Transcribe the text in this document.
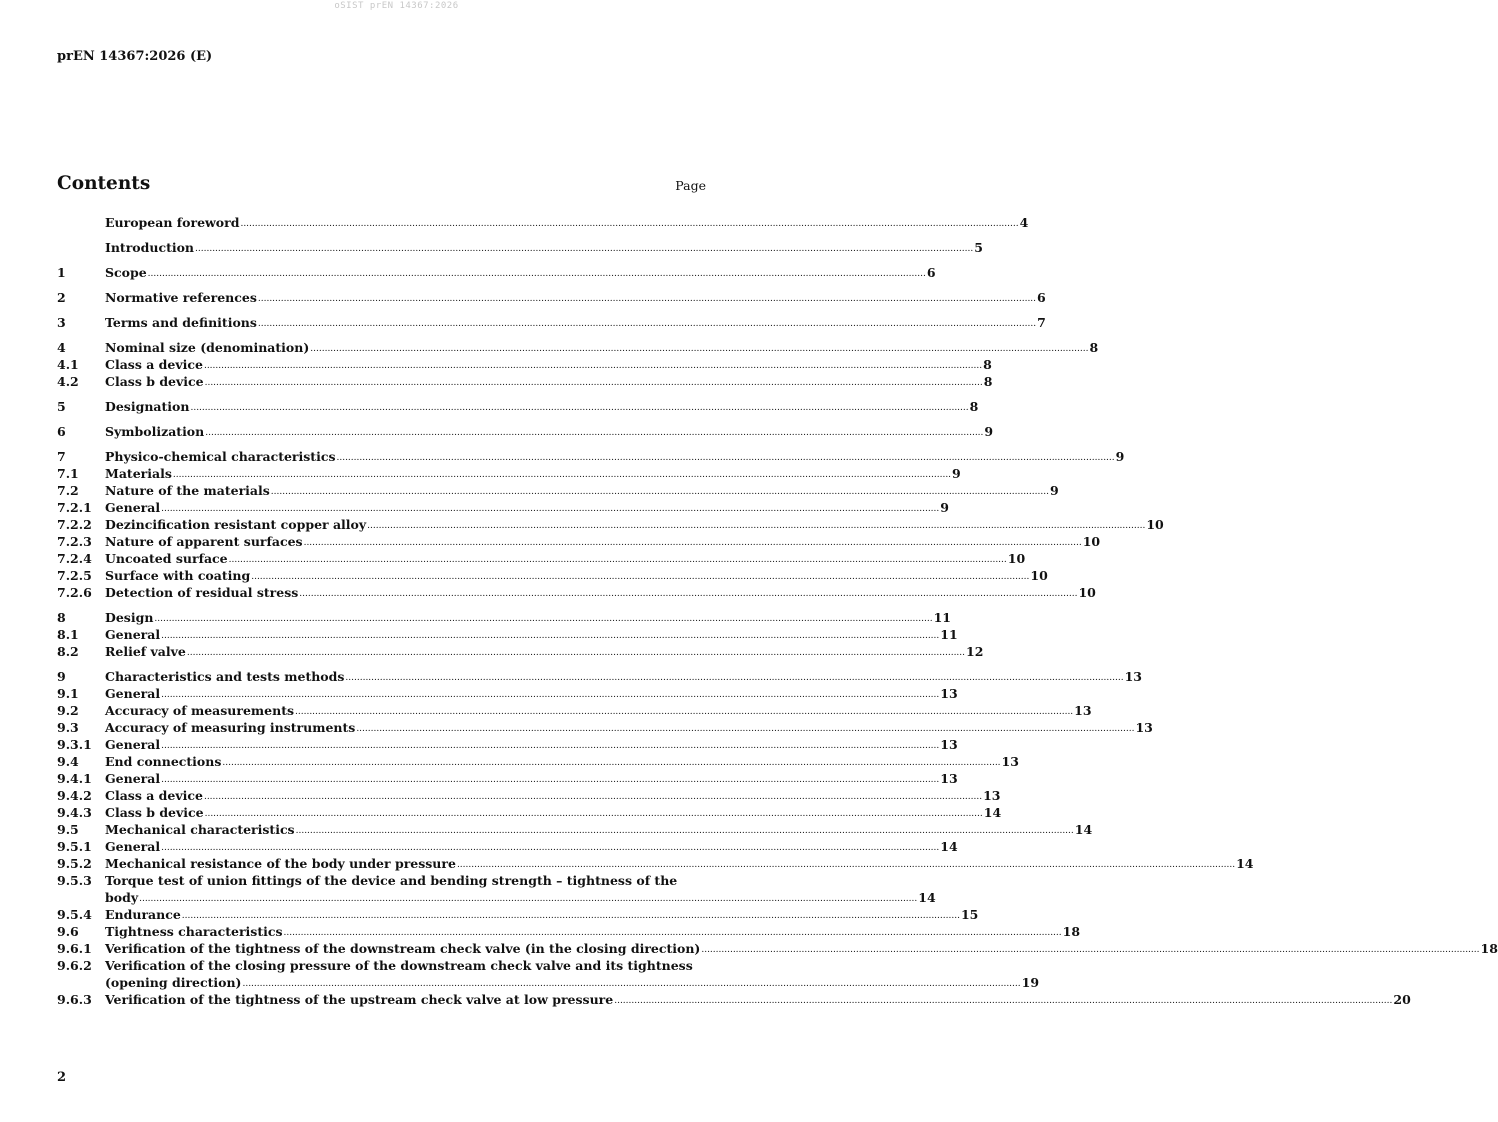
oSIST prEN 14367:2026
prEN 14367:2026 (E)
Contents	Page
European foreword ................................................................................................................................................................................................................................................................................ 4
Introduction ................................................................................................................................................................................................................................................................................ 5
1	Scope ................................................................................................................................................................................................................................................................................ 6
2	Normative references ................................................................................................................................................................................................................................................................................ 6
3	Terms and definitions ................................................................................................................................................................................................................................................................................ 7
4	Nominal size (denomination) ................................................................................................................................................................................................................................................................................ 8
4.1	Class a device ................................................................................................................................................................................................................................................................................ 8
4.2	Class b device ................................................................................................................................................................................................................................................................................ 8
5	Designation ................................................................................................................................................................................................................................................................................ 8
6	Symbolization ................................................................................................................................................................................................................................................................................ 9
7	Physico-chemical characteristics ................................................................................................................................................................................................................................................................................ 9
7.1	Materials ................................................................................................................................................................................................................................................................................ 9
7.2	Nature of the materials ................................................................................................................................................................................................................................................................................ 9
7.2.1	General ................................................................................................................................................................................................................................................................................ 9
7.2.2	Dezincification resistant copper alloy ................................................................................................................................................................................................................................................................................ 10
7.2.3	Nature of apparent surfaces ................................................................................................................................................................................................................................................................................ 10
7.2.4	Uncoated surface ................................................................................................................................................................................................................................................................................ 10
7.2.5	Surface with coating ................................................................................................................................................................................................................................................................................ 10
7.2.6	Detection of residual stress ................................................................................................................................................................................................................................................................................ 10
8	Design ................................................................................................................................................................................................................................................................................ 11
8.1	General ................................................................................................................................................................................................................................................................................ 11
8.2	Relief valve ................................................................................................................................................................................................................................................................................ 12
9	Characteristics and tests methods ................................................................................................................................................................................................................................................................................ 13
9.1	General ................................................................................................................................................................................................................................................................................ 13
9.2	Accuracy of measurements ................................................................................................................................................................................................................................................................................ 13
9.3	Accuracy of measuring instruments ................................................................................................................................................................................................................................................................................ 13
9.3.1	General ................................................................................................................................................................................................................................................................................ 13
9.4	End connections ................................................................................................................................................................................................................................................................................ 13
9.4.1	General ................................................................................................................................................................................................................................................................................ 13
9.4.2	Class a device ................................................................................................................................................................................................................................................................................ 13
9.4.3	Class b device ................................................................................................................................................................................................................................................................................ 14
9.5	Mechanical characteristics ................................................................................................................................................................................................................................................................................ 14
9.5.1	General ................................................................................................................................................................................................................................................................................ 14
9.5.2	Mechanical resistance of the body under pressure ................................................................................................................................................................................................................................................................................ 14
9.5.3	Torque test of union fittings of the device and bending strength – tightness of the
body ................................................................................................................................................................................................................................................................................ 14
9.5.4	Endurance ................................................................................................................................................................................................................................................................................ 15
9.6	Tightness characteristics ................................................................................................................................................................................................................................................................................ 18
9.6.1	Verification of the tightness of the downstream check valve (in the closing direction) ................................................................................................................................................................................................................................................................................ 18
9.6.2	Verification of the closing pressure of the downstream check valve and its tightness
(opening direction) ................................................................................................................................................................................................................................................................................ 19
9.6.3	Verification of the tightness of the upstream check valve at low pressure ................................................................................................................................................................................................................................................................................ 20
2
